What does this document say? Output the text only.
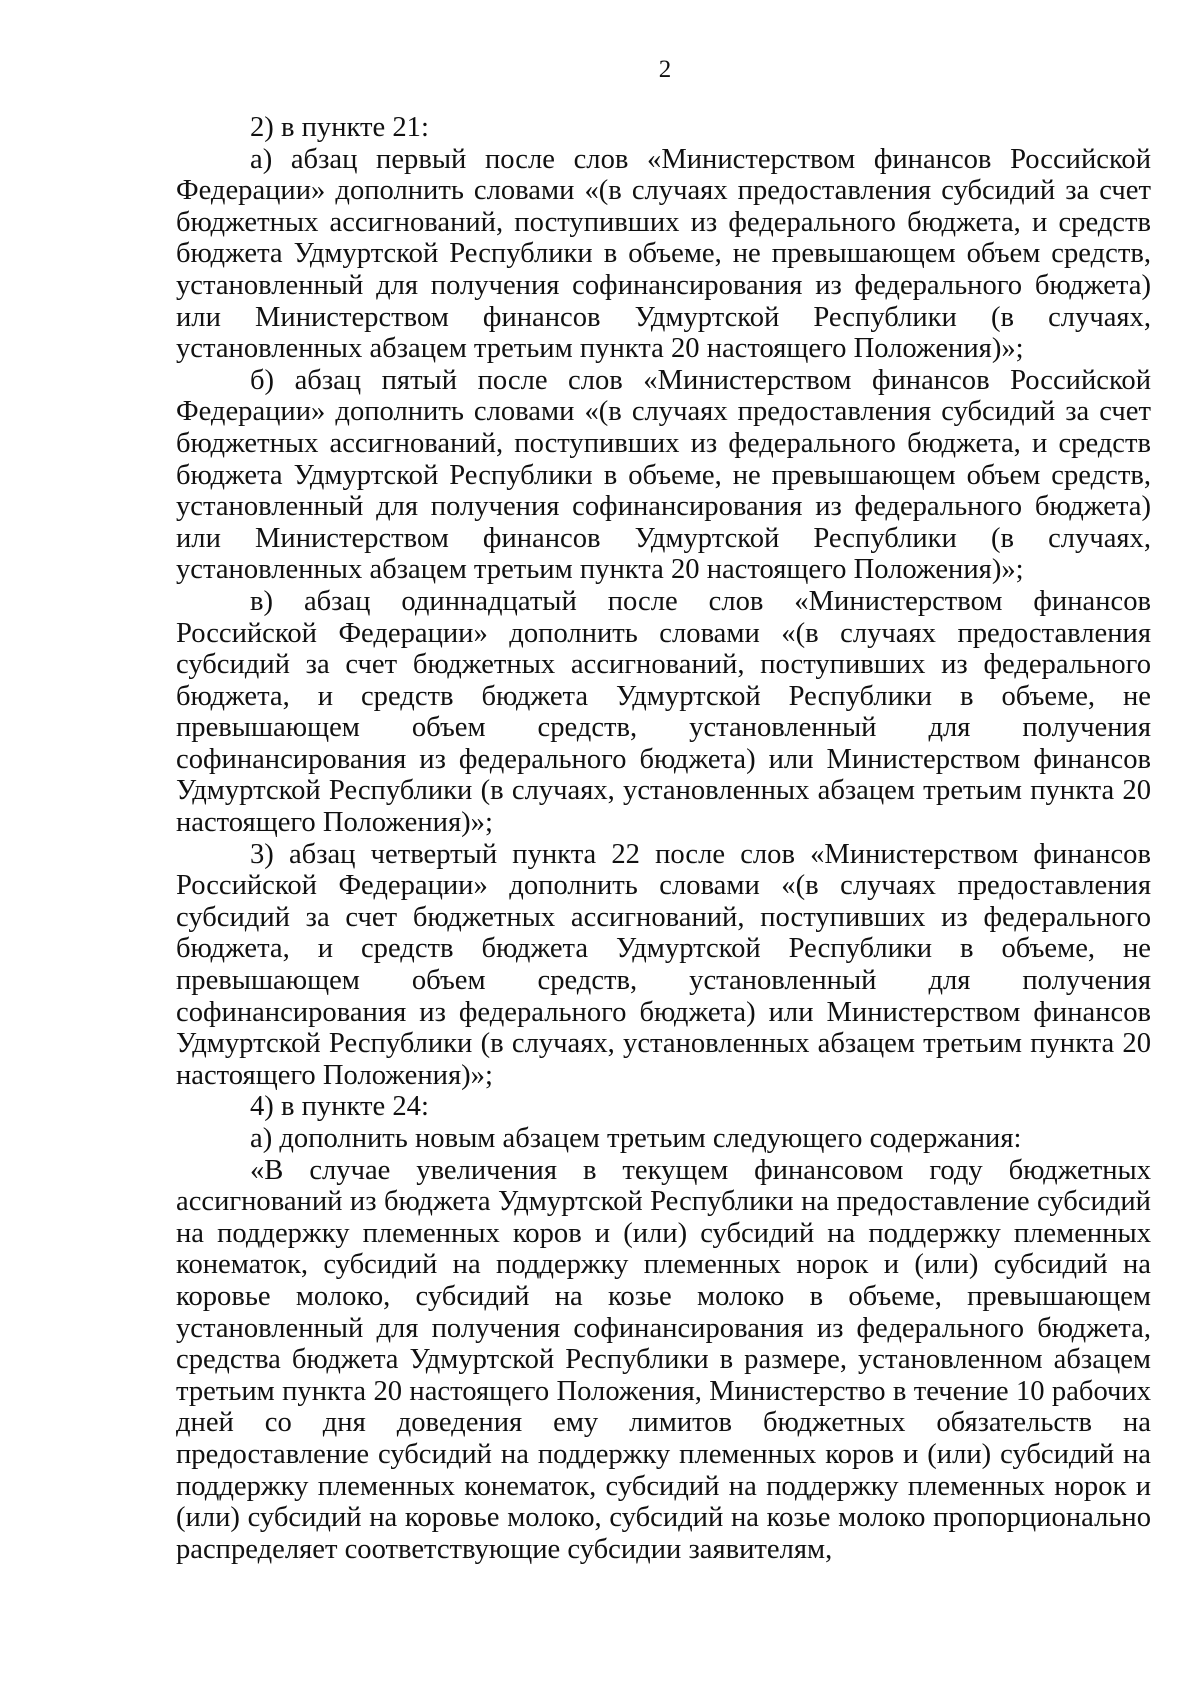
2

2) в пункте 21:

а) абзац первый после слов «Министерством финансов Российской Федерации» дополнить словами «(в случаях предоставления субсидий за счет бюджетных ассигнований, поступивших из федерального бюджета, и средств бюджета Удмуртской Республики в объеме, не превышающем объем средств, установленный для получения софинансирования из федерального бюджета) или Министерством финансов Удмуртской Республики (в случаях, установленных абзацем третьим пункта 20 настоящего Положения)»;

б) абзац пятый после слов «Министерством финансов Российской Федерации» дополнить словами «(в случаях предоставления субсидий за счет бюджетных ассигнований, поступивших из федерального бюджета, и средств бюджета Удмуртской Республики в объеме, не превышающем объем средств, установленный для получения софинансирования из федерального бюджета) или Министерством финансов Удмуртской Республики (в случаях, установленных абзацем третьим пункта 20 настоящего Положения)»;

в) абзац одиннадцатый после слов «Министерством финансов Российской Федерации» дополнить словами «(в случаях предоставления субсидий за счет бюджетных ассигнований, поступивших из федерального бюджета, и средств бюджета Удмуртской Республики в объеме, не превышающем объем средств, установленный для получения софинансирования из федерального бюджета) или Министерством финансов Удмуртской Республики (в случаях, установленных абзацем третьим пункта 20 настоящего Положения)»;

3) абзац четвертый пункта 22 после слов «Министерством финансов Российской Федерации» дополнить словами «(в случаях предоставления субсидий за счет бюджетных ассигнований, поступивших из федерального бюджета, и средств бюджета Удмуртской Республики в объеме, не превышающем объем средств, установленный для получения софинансирования из федерального бюджета) или Министерством финансов Удмуртской Республики (в случаях, установленных абзацем третьим пункта 20 настоящего Положения)»;

4) в пункте 24:

а) дополнить новым абзацем третьим следующего содержания:

«В случае увеличения в текущем финансовом году бюджетных ассигнований из бюджета Удмуртской Республики на предоставление субсидий на поддержку племенных коров и (или) субсидий на поддержку племенных конематок, субсидий на поддержку племенных норок и (или) субсидий на коровье молоко, субсидий на козье молоко в объеме, превышающем установленный для получения софинансирования из федерального бюджета, средства бюджета Удмуртской Республики в размере, установленном абзацем третьим пункта 20 настоящего Положения, Министерство в течение 10 рабочих дней со дня доведения ему лимитов бюджетных обязательств на предоставление субсидий на поддержку племенных коров и (или) субсидий на поддержку племенных конематок, субсидий на поддержку племенных норок и (или) субсидий на коровье молоко, субсидий на козье молоко пропорционально распределяет соответствующие субсидии заявителям,
